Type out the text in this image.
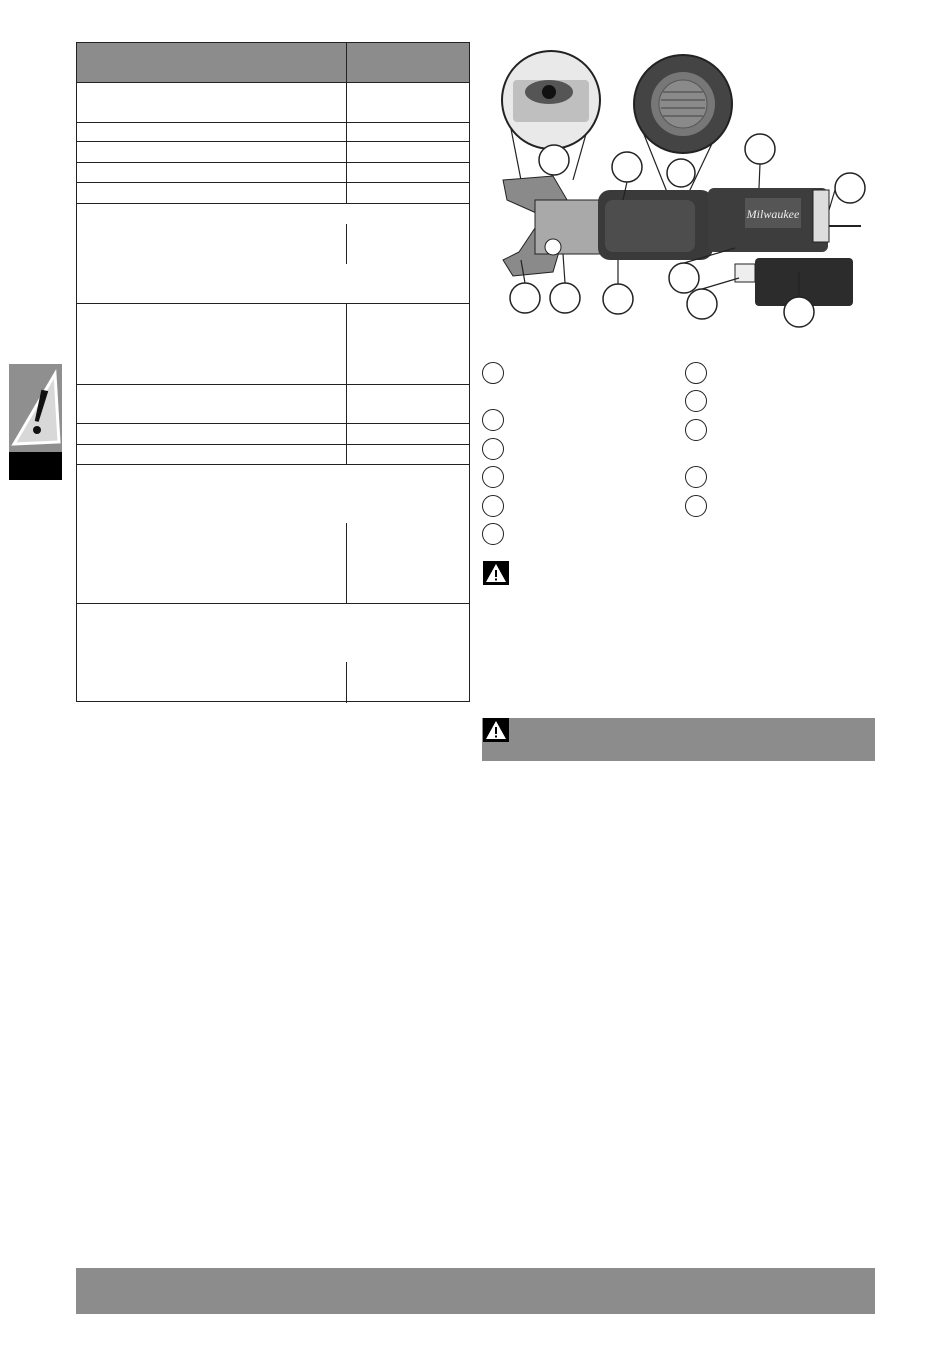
Milwaukee
